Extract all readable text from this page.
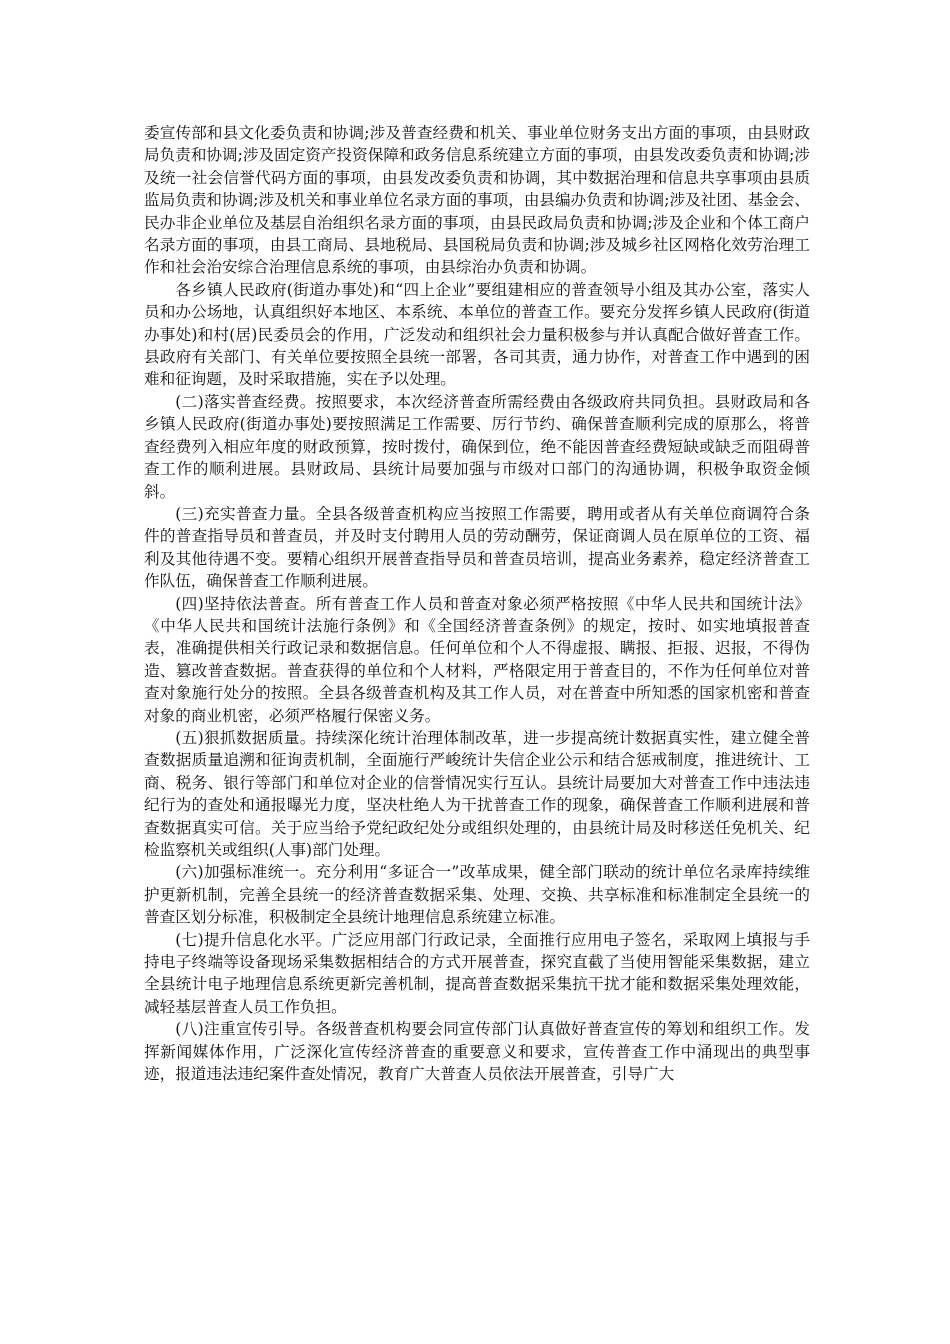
委宣传部和县文化委负责和协调;涉及普查经费和机关、事业单位财务支出方面的事项，由县财政局负责和协调;涉及固定资产投资保障和政务信息系统建立方面的事项，由县发改委负责和协调;涉及统一社会信誉代码方面的事项，由县发改委负责和协调，其中数据治理和信息共享事项由县质监局负责和协调;涉及机关和事业单位名录方面的事项，由县编办负责和协调;涉及社团、基金会、民办非企业单位及基层自治组织名录方面的事项，由县民政局负责和协调;涉及企业和个体工商户名录方面的事项，由县工商局、县地税局、县国税局负责和协调;涉及城乡社区网格化效劳治理工作和社会治安综合治理信息系统的事项，由县综治办负责和协调。

各乡镇人民政府(街道办事处)和“四上企业”要组建相应的普查领导小组及其办公室，落实人员和办公场地，认真组织好本地区、本系统、本单位的普查工作。要充分发挥乡镇人民政府(街道办事处)和村(居)民委员会的作用，广泛发动和组织社会力量积极参与并认真配合做好普查工作。县政府有关部门、有关单位要按照全县统一部署，各司其责，通力协作，对普查工作中遇到的困难和征询题，及时采取措施，实在予以处理。

(二)落实普查经费。按照要求，本次经济普查所需经费由各级政府共同负担。县财政局和各乡镇人民政府(街道办事处)要按照满足工作需要、厉行节约、确保普查顺利完成的原那么，将普查经费列入相应年度的财政预算，按时拨付，确保到位，绝不能因普查经费短缺或缺乏而阻碍普查工作的顺利进展。县财政局、县统计局要加强与市级对口部门的沟通协调，积极争取资金倾斜。

(三)充实普查力量。全县各级普查机构应当按照工作需要，聘用或者从有关单位商调符合条件的普查指导员和普查员，并及时支付聘用人员的劳动酬劳，保证商调人员在原单位的工资、福利及其他待遇不变。要精心组织开展普查指导员和普查员培训，提高业务素养，稳定经济普查工作队伍，确保普查工作顺利进展。

(四)坚持依法普查。所有普查工作人员和普查对象必须严格按照《中华人民共和国统计法》《中华人民共和国统计法施行条例》和《全国经济普查条例》的规定，按时、如实地填报普查表，准确提供相关行政记录和数据信息。任何单位和个人不得虚报、瞒报、拒报、迟报，不得伪造、篡改普查数据。普查获得的单位和个人材料，严格限定用于普查目的，不作为任何单位对普查对象施行处分的按照。全县各级普查机构及其工作人员，对在普查中所知悉的国家机密和普查对象的商业机密，必须严格履行保密义务。

(五)狠抓数据质量。持续深化统计治理体制改革，进一步提高统计数据真实性，建立健全普查数据质量追溯和征询责机制，全面施行严峻统计失信企业公示和结合惩戒制度，推进统计、工商、税务、银行等部门和单位对企业的信誉情况实行互认。县统计局要加大对普查工作中违法违纪行为的查处和通报曝光力度，坚决杜绝人为干扰普查工作的现象，确保普查工作顺利进展和普查数据真实可信。关于应当给予党纪政纪处分或组织处理的，由县统计局及时移送任免机关、纪检监察机关或组织(人事)部门处理。

(六)加强标准统一。充分利用“多证合一”改革成果，健全部门联动的统计单位名录库持续维护更新机制，完善全县统一的经济普查数据采集、处理、交换、共享标准和标准制定全县统一的普查区划分标准，积极制定全县统计地理信息系统建立标准。

(七)提升信息化水平。广泛应用部门行政记录，全面推行应用电子签名，采取网上填报与手持电子终端等设备现场采集数据相结合的方式开展普查，探究直截了当使用智能采集数据，建立全县统计电子地理信息系统更新完善机制，提高普查数据采集抗干扰才能和数据采集处理效能，减轻基层普查人员工作负担。

(八)注重宣传引导。各级普查机构要会同宣传部门认真做好普查宣传的筹划和组织工作。发挥新闻媒体作用，广泛深化宣传经济普查的重要意义和要求，宣传普查工作中涌现出的典型事迹，报道违法违纪案件查处情况，教育广大普查人员依法开展普查，引导广大
